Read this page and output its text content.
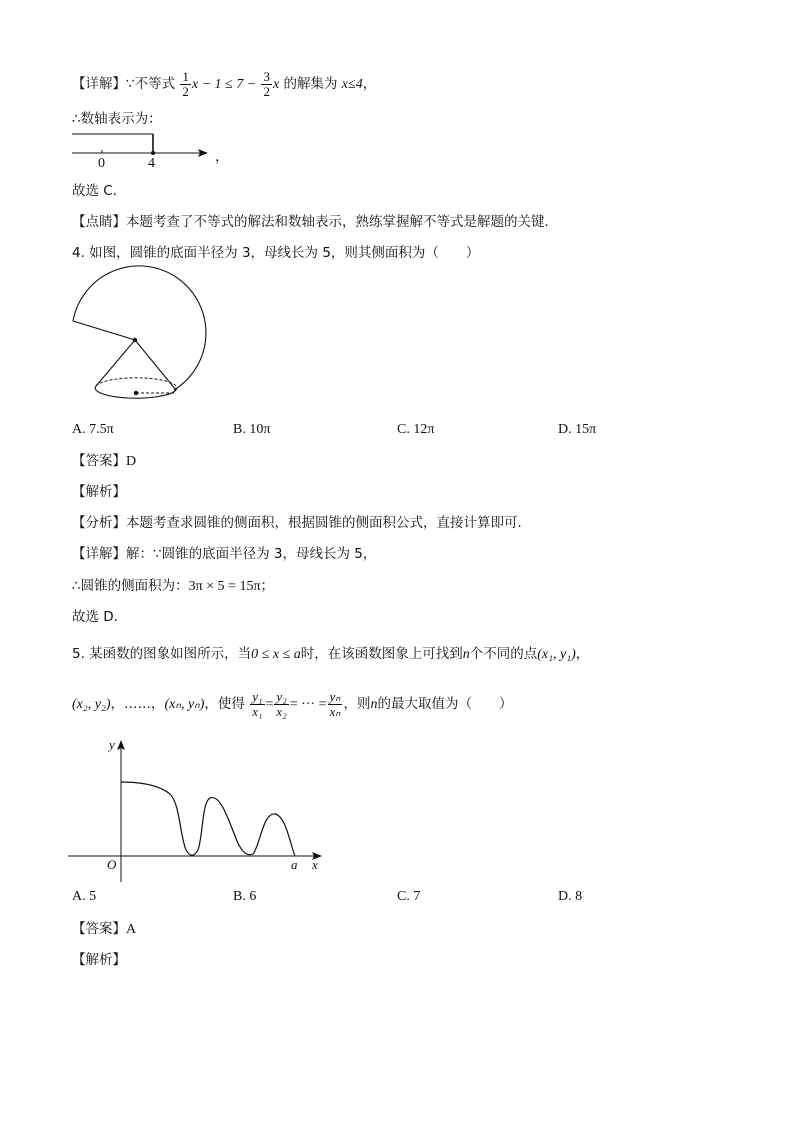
【详解】∵不等式 $\frac{1}{2}$ $x - 1 \le 7 - \frac{3}{2}$ x 的解集为 x≤4，
∴数轴表示为：
0	4	，
故选 C．
【点睛】本题考查了不等式的解法和数轴表示，熟练掌握解不等式是解题的关键．
4. 如图，圆锥的底面半径为 3，母线长为 5，则其侧面积为（　　）
A. 7.5π	B. 10π	C. 12π	D. 15π
【答案】D
【解析】
【分析】本题考查求圆锥的侧面积，根据圆锥的侧面积公式，直接计算即可．
【详解】解：∵圆锥的底面半径为 3，母线长为 5，
∴圆锥的侧面积为：3π × 5 = 15π；
故选 D．
5. 某函数的图象如图所示，当0 ≤ x ≤ a时，在该函数图象上可找到n个不同的点(x₁, y₁)，
(x₂, y₂)，……，(xₙ, yₙ)，使得 $\frac{\text{y₁}}{\text{x₁}} = \frac{\text{y₂}}{\text{x₂}}$ = ··· = $\frac{\text{yₙ}}{\text{xₙ}}$ ，则n的最大取值为（　　）
y
x
O	a
A. 5	B. 6	C. 7	D. 8
【答案】A
【解析】
